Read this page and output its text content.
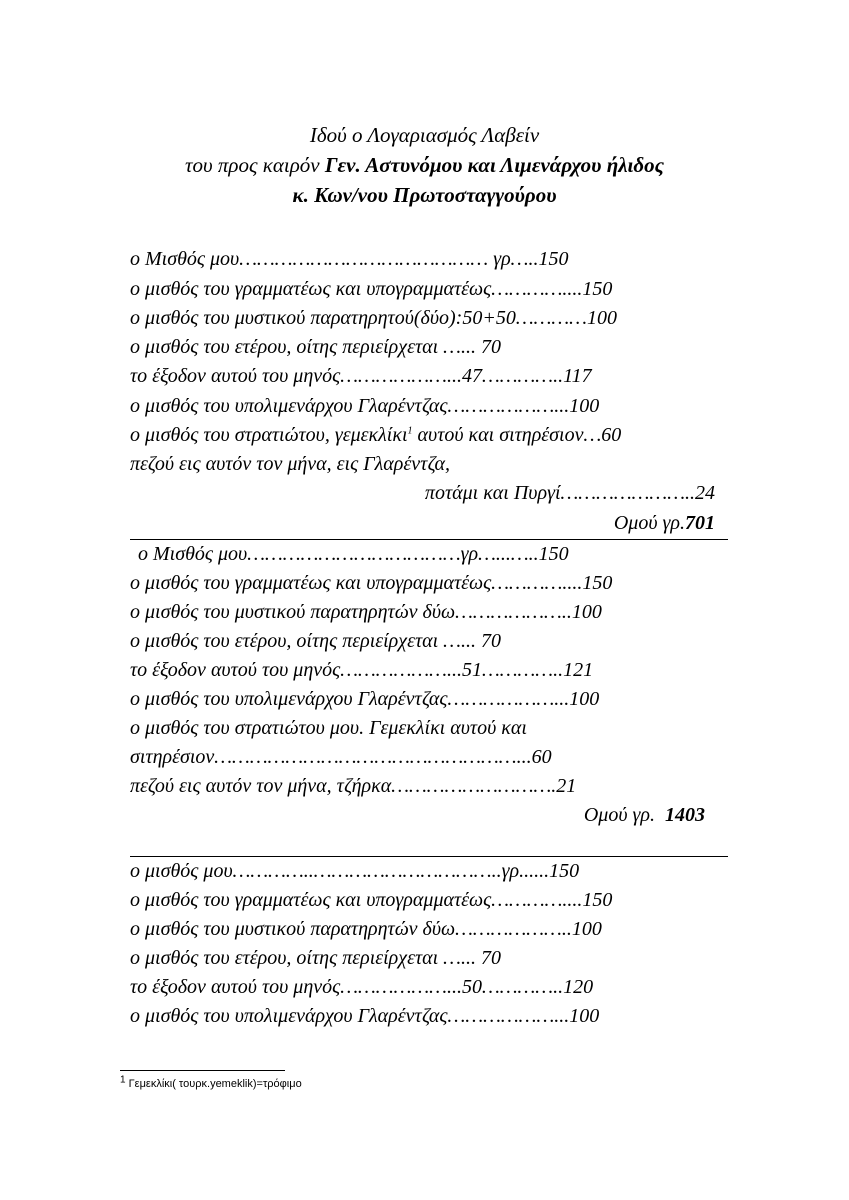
Ιδού ο Λογαριασμός Λαβείν
του προς καιρόν Γεν. Αστυνόμου και Λιμενάρχου ήλιδος
κ. Κων/νου Πρωτοσταγγούρου
ο Μισθός μου…………………………………… γρ…..150
ο μισθός του γραμματέως και υπογραμματέως…………....150
ο μισθός του μυστικού παρατηρητού(δύο):50+50…………100
ο μισθός του ετέρου, οίτης περιείρχεται …... 70
το έξοδον αυτού του μηνός………………...47…………..117
ο μισθός του υπολιμενάρχου Γλαρέντζας………………...100
ο μισθός του στρατιώτου, γεμεκλίκι$^1$ αυτού και σιτηρέσιον…60
πεζού εις αυτόν τον μήνα, εις Γλαρέντζα,
ποτάμι και Πυργί…………………..24
Ομού γρ.701
ο Μισθός μου………………………………γρ…...…..150
ο μισθός του γραμματέως και υπογραμματέως…………....150
ο μισθός του μυστικού παρατηρητών δύω………………..100
ο μισθός του ετέρου, οίτης περιείρχεται …... 70
το έξοδον αυτού του μηνός………………...51…………..121
ο μισθός του υπολιμενάρχου Γλαρέντζας………………...100
ο μισθός του στρατιώτου μου. Γεμεκλίκι αυτού και
σιτηρέσιον……………………………………………...60
πεζού εις αυτόν τον μήνα, τζήρκα……………………….21
Ομού γρ. 1403
ο μισθός μου…………..…………………………..γρ......150
ο μισθός του γραμματέως και υπογραμματέως…………....150
ο μισθός του μυστικού παρατηρητών δύω………………..100
ο μισθός του ετέρου, οίτης περιείρχεται …... 70
το έξοδον αυτού του μηνός………………...50…………..120
ο μισθός του υπολιμενάρχου Γλαρέντζας………………...100
$^1$ Γεμεκλίκι( τουρκ.yemeklik)=τρόφιμο
